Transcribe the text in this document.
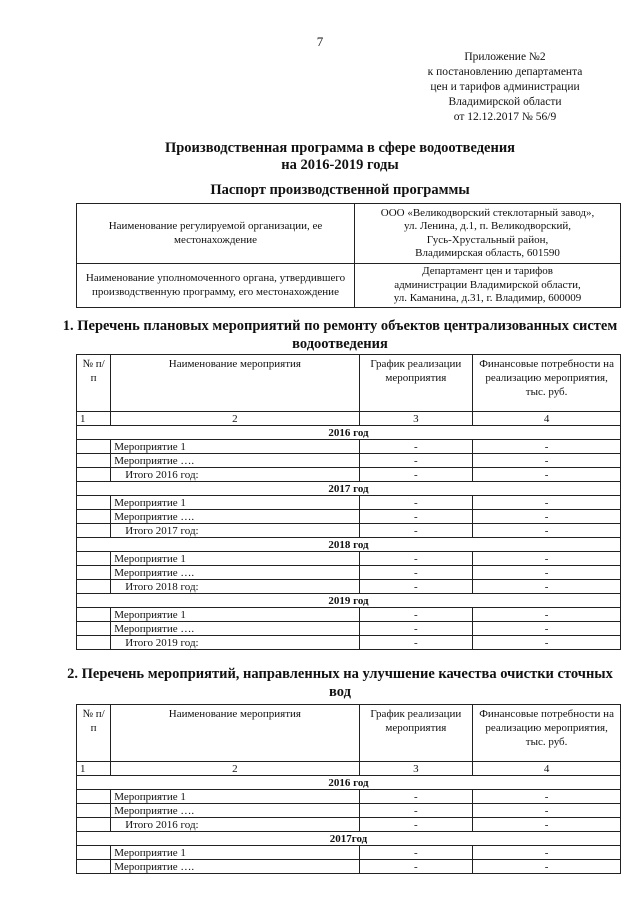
7
Приложение №2
к постановлению департамента
цен и тарифов администрации
Владимирской области
от 12.12.2017 № 56/9
Производственная программа в сфере водоотведения
на 2016-2019 годы
Паспорт производственной программы
Наименование регулируемой организации, ее местонахождение	ООО «Великодворский стеклотарный завод»,
ул. Ленина, д.1, п. Великодворский,
Гусь-Хрустальный район,
Владимирская область, 601590

Наименование уполномоченного органа, утвердившего производственную программу, его местонахождение	Департамент цен и тарифов
администрации Владимирской области,
ул. Каманина, д.31, г. Владимир, 600009
1. Перечень плановых мероприятий по ремонту объектов централизованных систем водоотведения
№ п/п	Наименование мероприятия	График реализации мероприятия	Финансовые потребности на реализацию мероприятия, тыс. руб.
1	2	3	4
2016 год			
	Мероприятие 1	-	-
	Мероприятие ….	-	-
	Итого 2016 год:	-	-
2017 год			
	Мероприятие 1	-	-
	Мероприятие ….	-	-
	Итого 2017 год:	-	-
2018 год			
	Мероприятие 1	-	-
	Мероприятие ….	-	-
	Итого 2018 год:	-	-
2019 год			
	Мероприятие 1	-	-
	Мероприятие ….	-	-
	Итого 2019 год:	-	-
2. Перечень мероприятий, направленных на улучшение качества очистки сточных вод
№ п/п	Наименование мероприятия	График реализации мероприятия	Финансовые потребности на реализацию мероприятия, тыс. руб.
1	2	3	4
2016 год			
	Мероприятие 1	-	-
	Мероприятие ….	-	-
	Итого 2016 год:	-	-
2017год			
	Мероприятие 1	-	-
	Мероприятие ….	-	-
